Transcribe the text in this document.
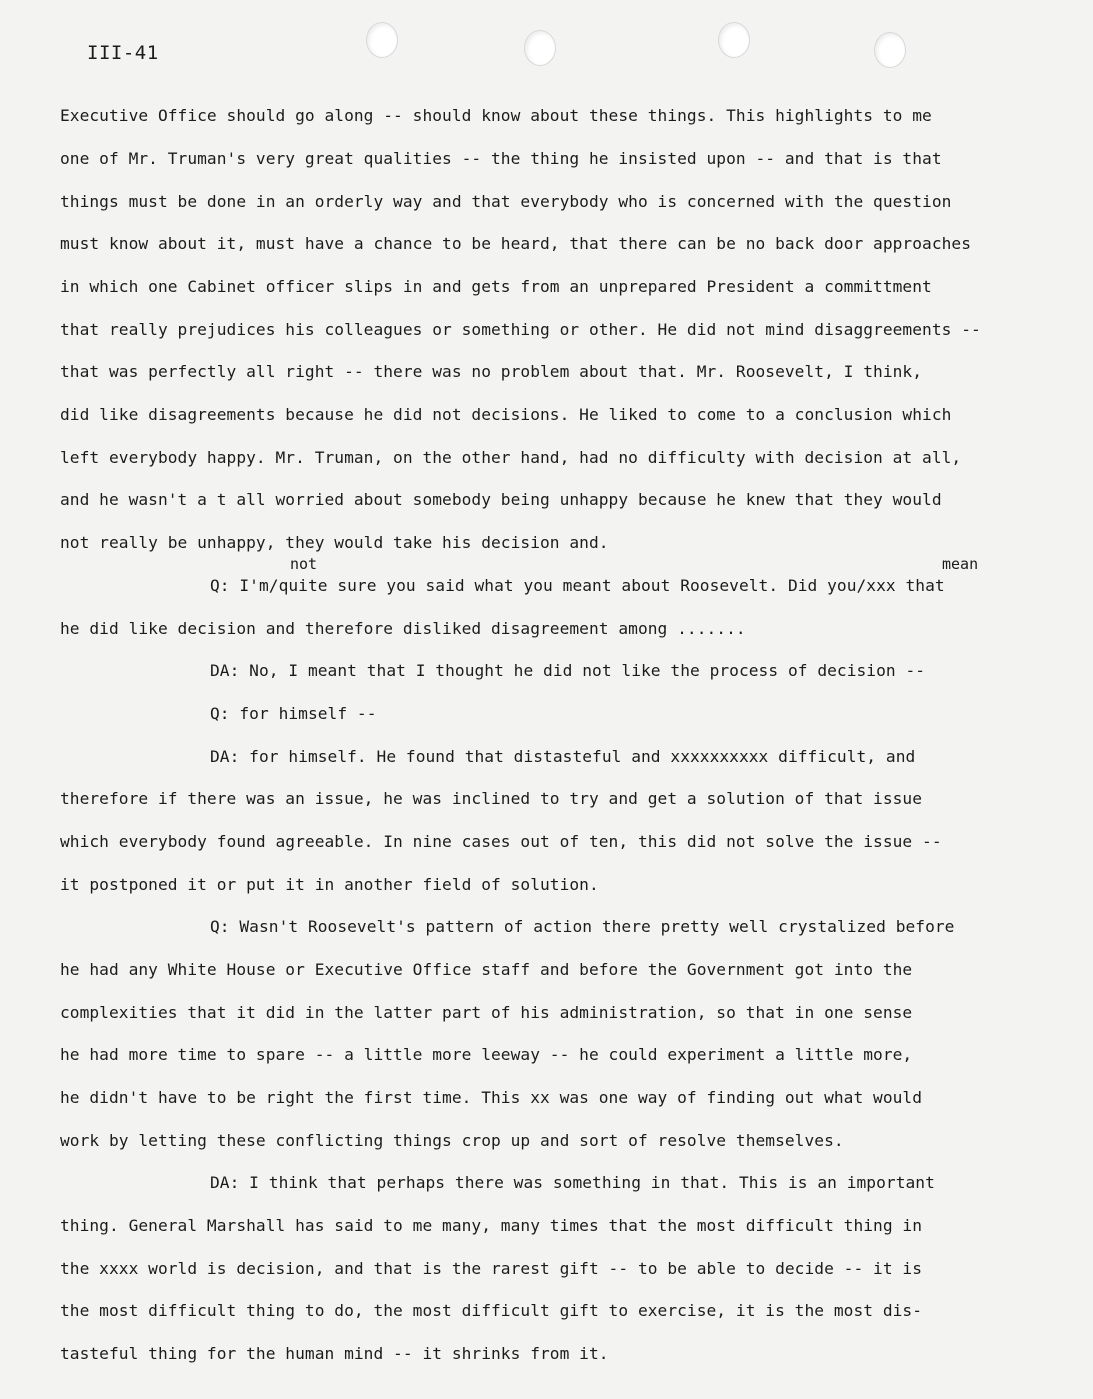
III-41
Executive Office should go along -- should know about these things. This highlights to me
one of Mr. Truman's very great qualities -- the thing he insisted upon -- and that is that
things must be done in an orderly way and that everybody who is concerned with the question
must know about it, must have a chance to be heard, that there can be no back door approaches
in which one Cabinet officer slips in and gets from an unprepared President a committment
that really prejudices his colleagues or something or other. He did not mind disaggreements --
that was perfectly all right -- there was no problem about that. Mr. Roosevelt, I think,
did like disagreements because he did not decisions. He liked to come to a conclusion which
left everybody happy. Mr. Truman, on the other hand, had no difficulty with decision at all,
and he wasn't a t all worried about somebody being unhappy because he knew that they would
not really be unhappy, they would take his decision and.
not	mean
Q: I'm/quite sure you said what you meant about Roosevelt. Did you/xxx that
he did like decision and therefore disliked disagreement among .......
DA: No, I meant that I thought he did not like the process of decision --
Q: for himself --
DA: for himself. He found that distasteful and xxxxxxxxxx difficult, and
therefore if there was an issue, he was inclined to try and get a solution of that issue
which everybody found agreeable. In nine cases out of ten, this did not solve the issue --
it postponed it or put it in another field of solution.
Q: Wasn't Roosevelt's pattern of action there pretty well crystalized before
he had any White House or Executive Office staff and before the Government got into the
complexities that it did in the latter part of his administration, so that in one sense
he had more time to spare -- a little more leeway -- he could experiment a little more,
he didn't have to be right the first time. This xx was one way of finding out what would
work by letting these conflicting things crop up and sort of resolve themselves.
DA: I think that perhaps there was something in that. This is an important
thing. General Marshall has said to me many, many times that the most difficult thing in
the xxxx world is decision, and that is the rarest gift -- to be able to decide -- it is
the most difficult thing to do, the most difficult gift to exercise, it is the most dis-
tasteful thing for the human mind -- it shrinks from it.
